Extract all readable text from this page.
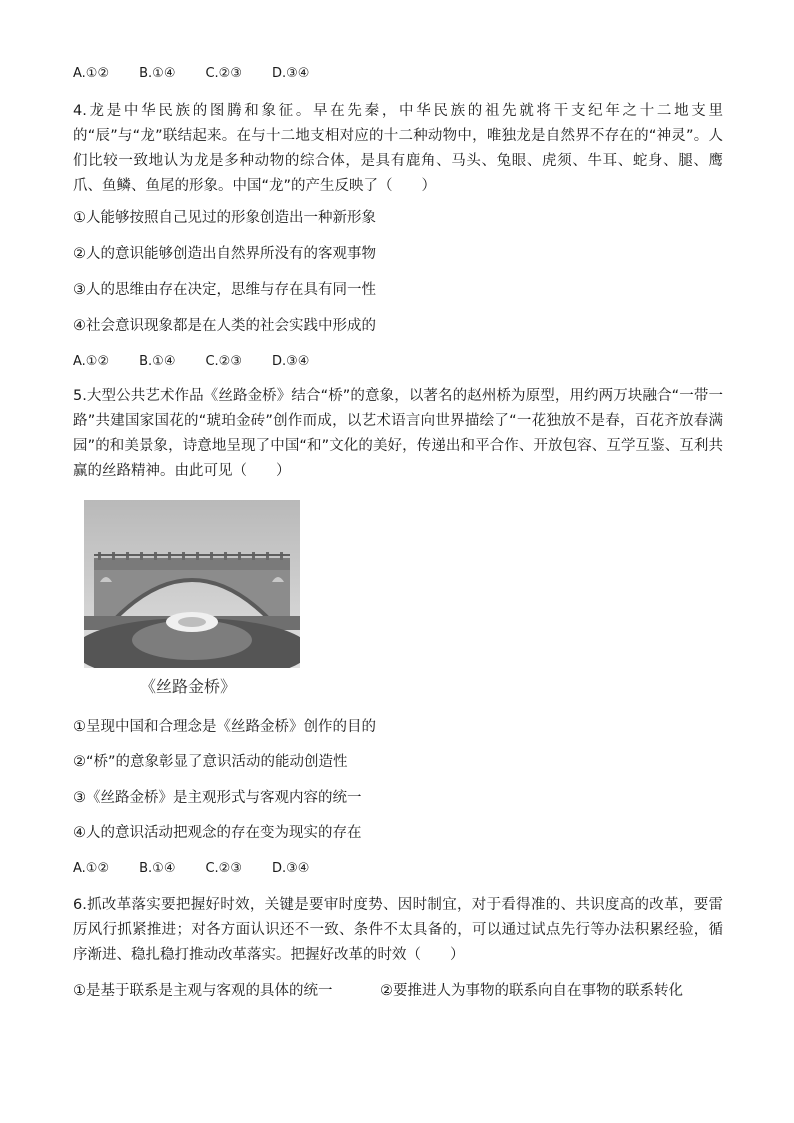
A.①② B.①④ C.②③ D.③④
4.龙是中华民族的图腾和象征。早在先秦，中华民族的祖先就将干支纪年之十二地支里的“辰”与“龙”联结起来。在与十二地支相对应的十二种动物中，唯独龙是自然界不存在的“神灵”。人们比较一致地认为龙是多种动物的综合体，是具有鹿角、马头、兔眼、虎须、牛耳、蛇身、腿、鹰爪、鱼鳞、鱼尾的形象。中国“龙”的产生反映了（　　）
①人能够按照自己见过的形象创造出一种新形象
②人的意识能够创造出自然界所没有的客观事物
③人的思维由存在决定，思维与存在具有同一性
④社会意识现象都是在人类的社会实践中形成的
A.①② B.①④ C.②③ D.③④
5.大型公共艺术作品《丝路金桥》结合“桥”的意象，以著名的赵州桥为原型，用约两万块融合“一带一路”共建国家国花的“琥珀金砖”创作而成，以艺术语言向世界描绘了“一花独放不是春，百花齐放春满园”的和美景象，诗意地呈现了中国“和”文化的美好，传递出和平合作、开放包容、互学互鉴、互利共赢的丝路精神。由此可见（　　）
《丝路金桥》
①呈现中国和合理念是《丝路金桥》创作的目的
②“桥”的意象彰显了意识活动的能动创造性
③《丝路金桥》是主观形式与客观内容的统一
④人的意识活动把观念的存在变为现实的存在
A.①② B.①④ C.②③ D.③④
6.抓改革落实要把握好时效，关键是要审时度势、因时制宜，对于看得准的、共识度高的改革，要雷厉风行抓紧推进；对各方面认识还不一致、条件不太具备的，可以通过试点先行等办法积累经验，循序渐进、稳扎稳打推动改革落实。把握好改革的时效（　　）
①是基于联系是主观与客观的具体的统一	②要推进人为事物的联系向自在事物的联系转化
